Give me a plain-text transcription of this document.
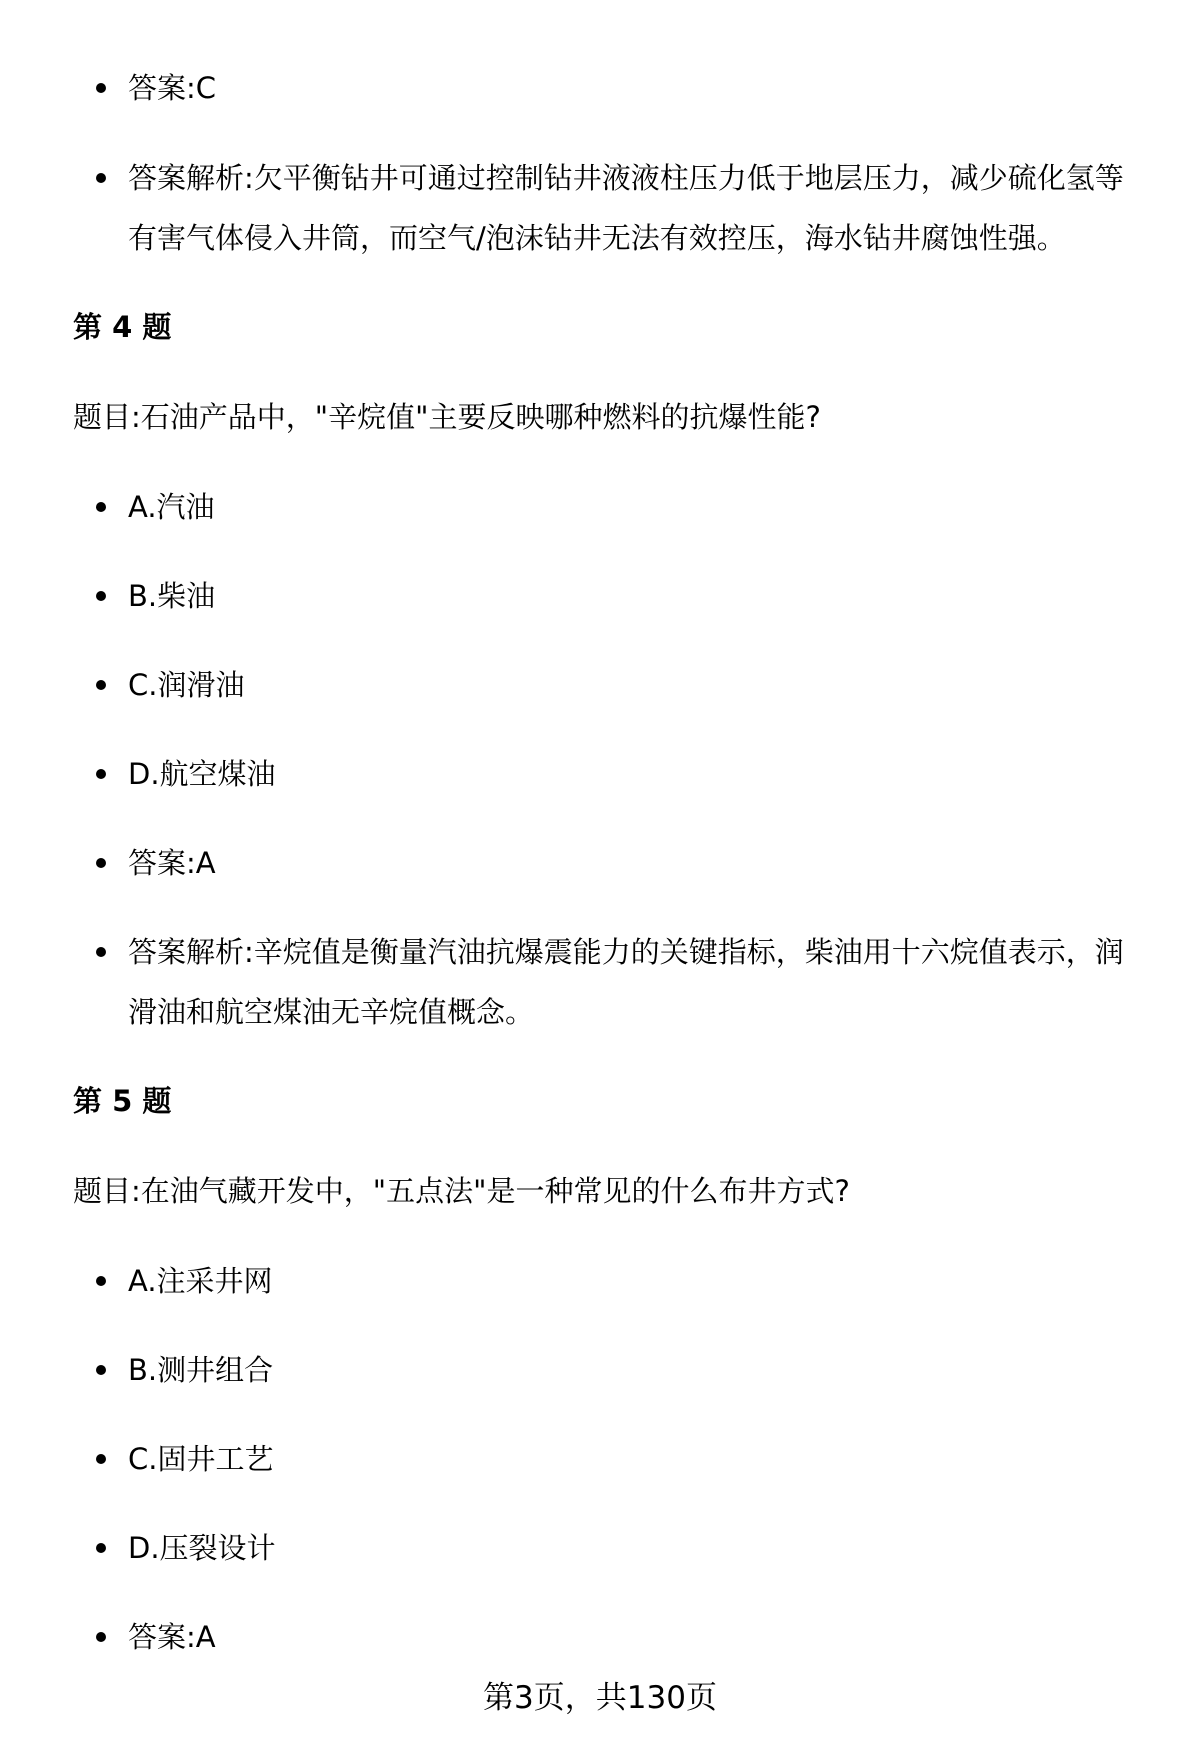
答案:C
答案解析:欠平衡钻井可通过控制钻井液液柱压力低于地层压力，减少硫化氢等有害气体侵入井筒，而空气/泡沫钻井无法有效控压，海水钻井腐蚀性强。
第 4 题
题目:石油产品中，"辛烷值"主要反映哪种燃料的抗爆性能?
A.汽油
B.柴油
C.润滑油
D.航空煤油
答案:A
答案解析:辛烷值是衡量汽油抗爆震能力的关键指标，柴油用十六烷值表示，润滑油和航空煤油无辛烷值概念。
第 5 题
题目:在油气藏开发中，"五点法"是一种常见的什么布井方式?
A.注采井网
B.测井组合
C.固井工艺
D.压裂设计
答案:A
第3页，共130页
